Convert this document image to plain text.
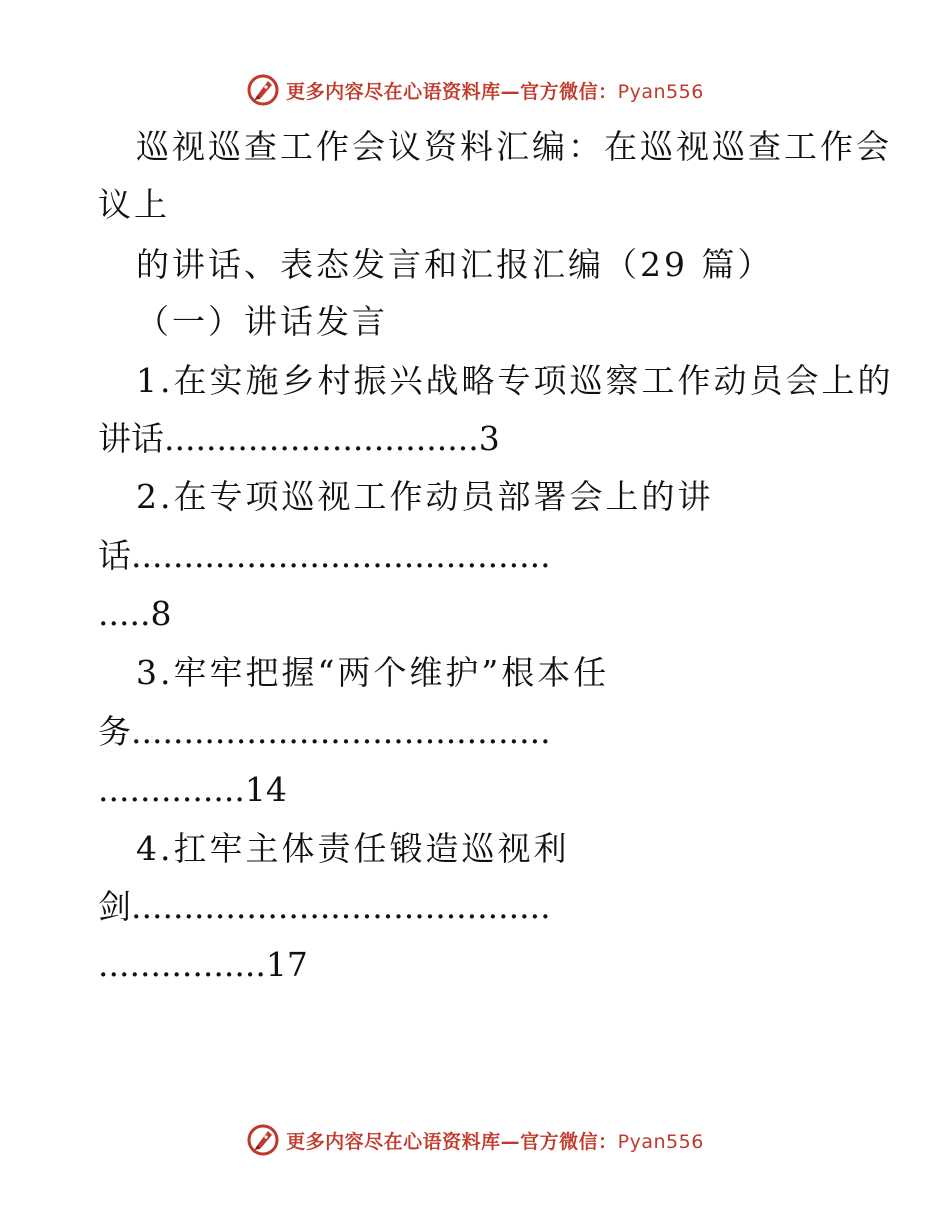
更多内容尽在心语资料库—官方微信：Pyan556
巡视巡查工作会议资料汇编：在巡视巡查工作会
议上
的讲话、表态发言和汇报汇编（29 篇）
（一）讲话发言
1.在实施乡村振兴战略专项巡察工作动员会上的
讲话..............................3
2.在专项巡视工作动员部署会上的讲
话........................................
.....8
3.牢牢把握“两个维护”根本任
务........................................
..............14
4.扛牢主体责任锻造巡视利
剑........................................
................17
更多内容尽在心语资料库—官方微信：Pyan556
